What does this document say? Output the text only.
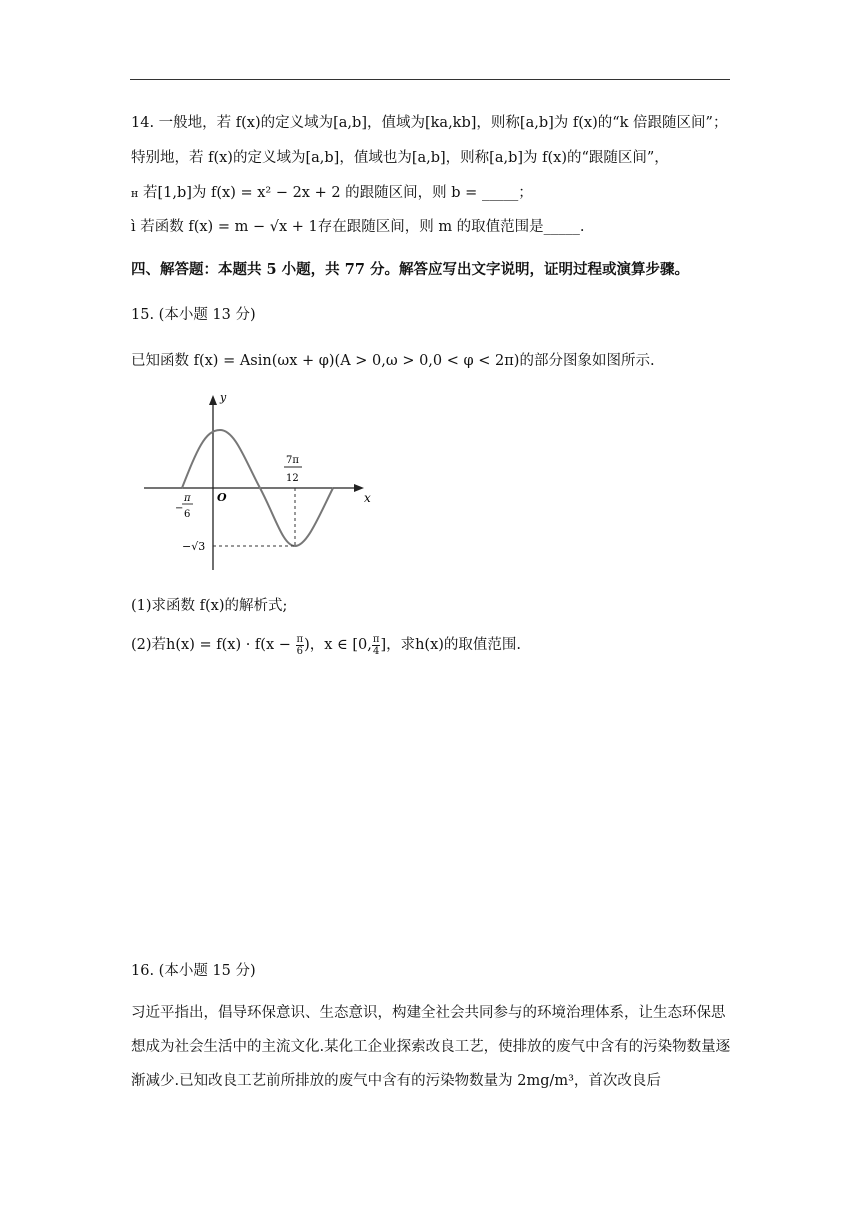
14. 一般地，若 f(x)的定义域为[a,b]，值域为[ka,kb]，则称[a,b]为 f(x)的“k 倍跟随区间”；
特别地，若 f(x)的定义域为[a,b]，值域也为[a,b]，则称[a,b]为 f(x)的“跟随区间”，
н 若[1,b]为 f(x) = x² − 2x + 2 的跟随区间，则 b = _____；
ì 若函数 f(x) = m − √x + 1存在跟随区间，则 m 的取值范围是_____.
四、解答题：本题共 5 小题，共 77 分。解答应写出文字说明，证明过程或演算步骤。
15. (本小题 13 分)
已知函数 f(x) = Asin(ωx + φ)(A > 0,ω > 0,0 < φ < 2π)的部分图象如图所示.
y
x
O
−
π
6
7π
12
−√3
(1)求函数 f(x)的解析式;
(2)若$h(x) = f(x) \cdot f(x - \frac{\pi}{6}$ )，x ∈ [0, $\frac{\pi}{4}$ ]，求h(x)的取值范围.
16. (本小题 15 分)
习近平指出，倡导环保意识、生态意识，构建全社会共同参与的环境治理体系，让生态环保思想成为社会生活中的主流文化.某化工企业探索改良工艺，使排放的废气中含有的污染物数量逐渐减少.已知改良工艺前所排放的废气中含有的污染物数量为 2mg/m³，首次改良后
